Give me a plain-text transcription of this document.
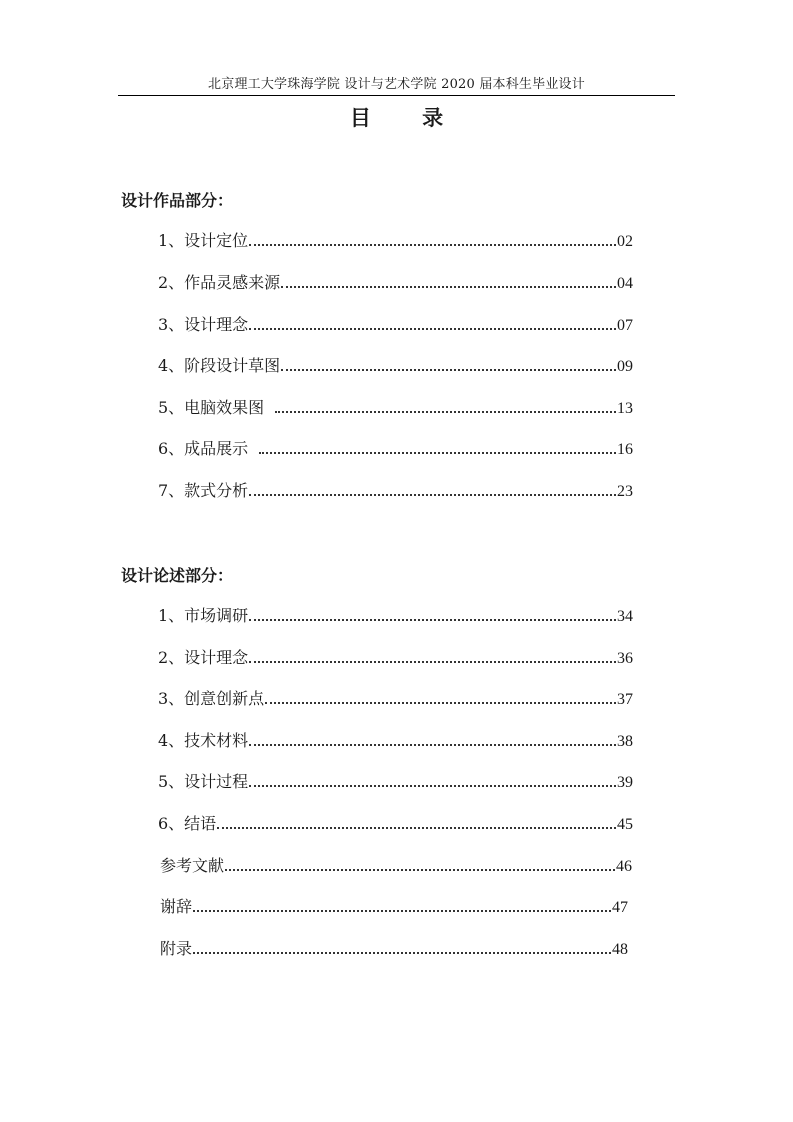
北京理工大学珠海学院 设计与艺术学院 2020 届本科生毕业设计
目 录
设计作品部分：
1、设计定位	02
2、作品灵感来源	04
3、设计理念	07
4、阶段设计草图	09
5、电脑效果图	13
6、成品展示	16
7、款式分析	23
设计论述部分：
1、市场调研	34
2、设计理念	36
3、创意创新点	37
4、技术材料	38
5、设计过程	39
6、结语	45
参考文献	46
谢辞	47
附录	48
